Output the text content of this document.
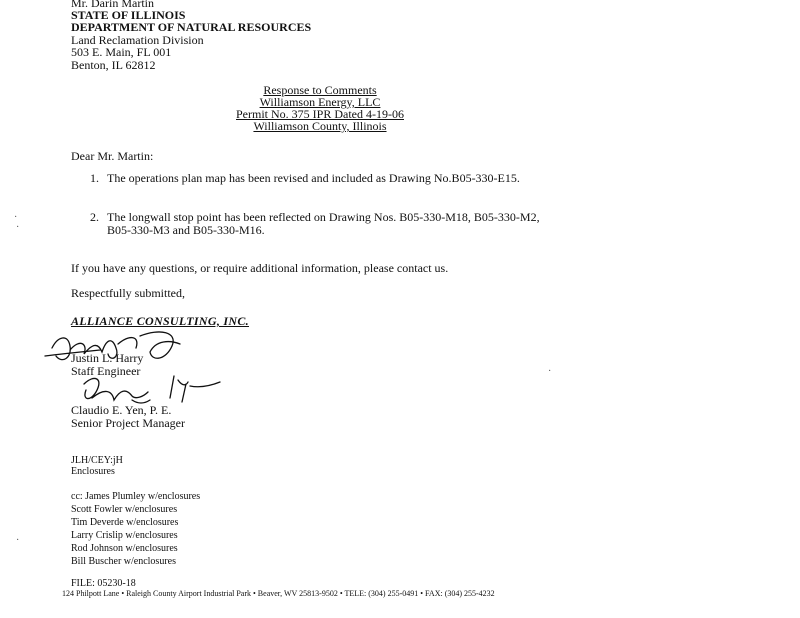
Mr. Darin Martin
STATE OF ILLINOIS
DEPARTMENT OF NATURAL RESOURCES
Land Reclamation Division
503 E. Main, FL 001
Benton, IL 62812
Response to Comments
Williamson Energy, LLC
Permit No. 375 IPR Dated 4-19-06
Williamson County, Illinois
Dear Mr. Martin:
1. The operations plan map has been revised and included as Drawing No.B05-330-E15.
2. The longwall stop point has been reflected on Drawing Nos. B05-330-M18, B05-330-M2,
B05-330-M3 and B05-330-M16.
If you have any questions, or require additional information, please contact us.
Respectfully submitted,
ALLIANCE CONSULTING, INC.
Justin L. Harry
Staff Engineer
Claudio E. Yen, P. E.
Senior Project Manager
JLH/CEY:jH
Enclosures
cc: James Plumley w/enclosures
Scott Fowler w/enclosures
Tim Deverde w/enclosures
Larry Crislip w/enclosures
Rod Johnson w/enclosures
Bill Buscher w/enclosures
FILE: 05230-18
124 Philpott Lane • Raleigh County Airport Industrial Park • Beaver, WV 25813-9502 • TELE: (304) 255-0491 • FAX: (304) 255-4232
·
·
·
·
